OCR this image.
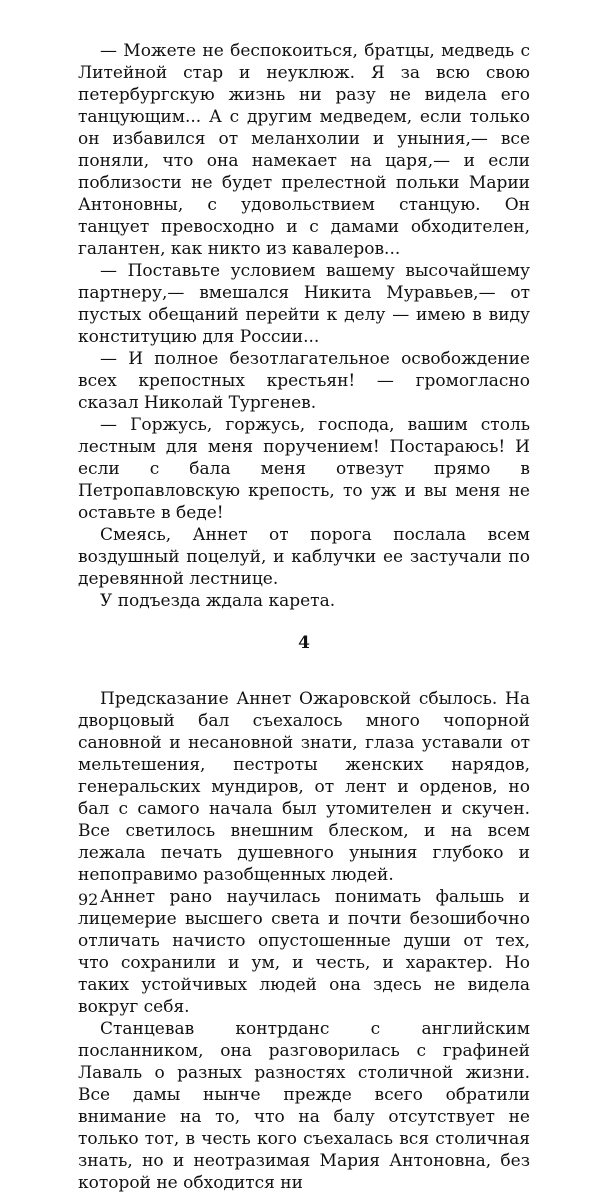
— Можете не беспокоиться, братцы, медведь с Литейной стар и неуклюж. Я за всю свою петербургскую жизнь ни разу не видела его танцующим... А с другим медведем, если только он избавился от меланхолии и уныния,— все поняли, что она намекает на царя,— и если поблизости не будет прелестной польки Марии Антоновны, с удовольствием станцую. Он танцует превосходно и с дамами обходителен, галантен, как никто из кавалеров...

— Поставьте условием вашему высочайшему партнеру,— вмешался Никита Муравьев,— от пустых обещаний перейти к делу — имею в виду конституцию для России...

— И полное безотлагательное освобождение всех крепостных крестьян! — громогласно сказал Николай Тургенев.

— Горжусь, горжусь, господа, вашим столь лестным для меня поручением! Постараюсь! И если с бала меня отвезут прямо в Петропавловскую крепость, то уж и вы меня не оставьте в беде!

Смеясь, Аннет от порога послала всем воздушный поцелуй, и каблучки ее застучали по деревянной лестнице.

У подъезда ждала карета.

4

Предсказание Аннет Ожаровской сбылось. На дворцовый бал съехалось много чопорной сановной и несановной знати, глаза уставали от мельтешения, пестроты женских нарядов, генеральских мундиров, от лент и орденов, но бал с самого начала был утомителен и скучен. Все светилось внешним блеском, и на всем лежала печать душевного уныния глубоко и непоправимо разобщенных людей.

Аннет рано научилась понимать фальшь и лицемерие высшего света и почти безошибочно отличать начисто опустошенные души от тех, что сохранили и ум, и честь, и характер. Но таких устойчивых людей она здесь не видела вокруг себя.

Станцевав контрданс с английским посланником, она разговорилась с графиней Лаваль о разных разностях столичной жизни. Все дамы нынче прежде всего обратили внимание на то, что на балу отсутствует не только тот, в честь кого съехалась вся столичная знать, но и неотразимая Мария Антоновна, без которой не обходится ни

92
